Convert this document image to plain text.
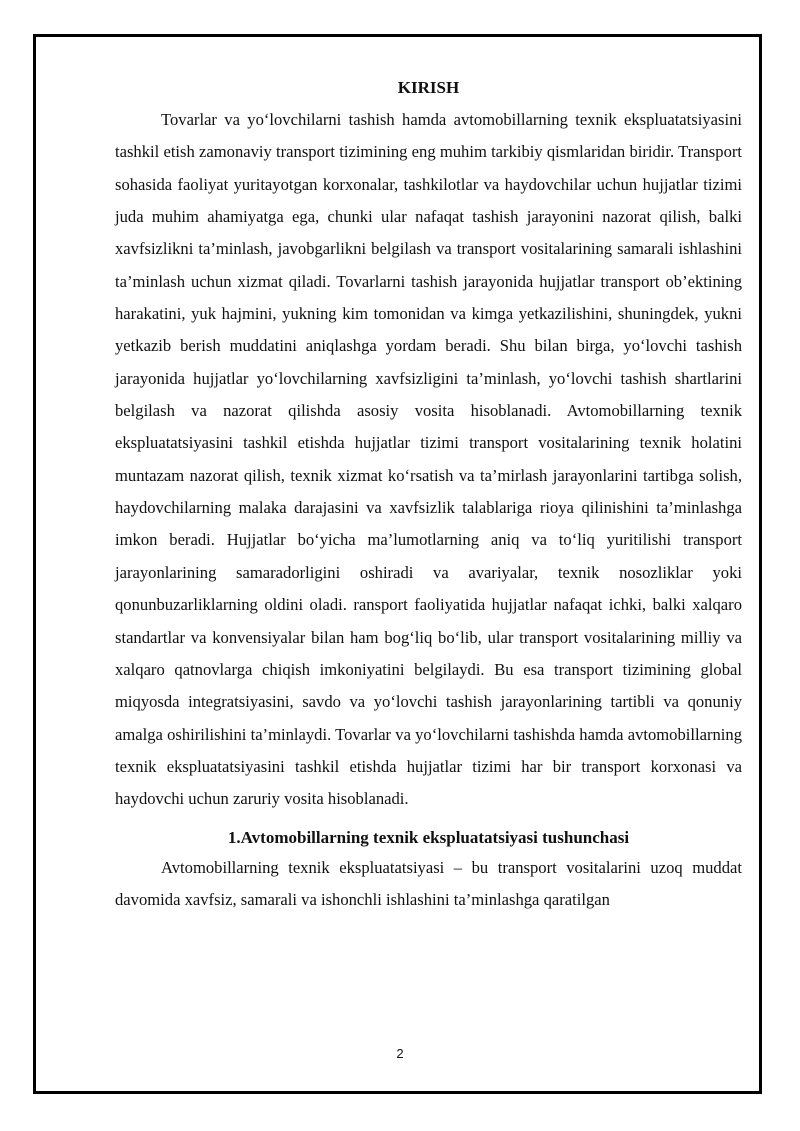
KIRISH

Tovarlar va yo‘lovchilarni tashish hamda avtomobillarning texnik ekspluatatsiyasini tashkil etish zamonaviy transport tizimining eng muhim tarkibiy qismlaridan biridir. Transport sohasida faoliyat yuritayotgan korxonalar, tashkilotlar va haydovchilar uchun hujjatlar tizimi juda muhim ahamiyatga ega, chunki ular nafaqat tashish jarayonini nazorat qilish, balki xavfsizlikni ta’minlash, javobgarlikni belgilash va transport vositalarining samarali ishlashini ta’minlash uchun xizmat qiladi. Tovarlarni tashish jarayonida hujjatlar transport ob’ektining harakatini, yuk hajmini, yukning kim tomonidan va kimga yetkazilishini, shuningdek, yukni yetkazib berish muddatini aniqlashga yordam beradi. Shu bilan birga, yo‘lovchi tashish jarayonida hujjatlar yo‘lovchilarning xavfsizligini ta’minlash, yo‘lovchi tashish shartlarini belgilash va nazorat qilishda asosiy vosita hisoblanadi. Avtomobillarning texnik ekspluatatsiyasini tashkil etishda hujjatlar tizimi transport vositalarining texnik holatini muntazam nazorat qilish, texnik xizmat ko‘rsatish va ta’mirlash jarayonlarini tartibga solish, haydovchilarning malaka darajasini va xavfsizlik talablariga rioya qilinishini ta’minlashga imkon beradi. Hujjatlar bo‘yicha ma’lumotlarning aniq va to‘liq yuritilishi transport jarayonlarining samaradorligini oshiradi va avariyalar, texnik nosozliklar yoki qonunbuzarliklarning oldini oladi. ransport faoliyatida hujjatlar nafaqat ichki, balki xalqaro standartlar va konvensiyalar bilan ham bog‘liq bo‘lib, ular transport vositalarining milliy va xalqaro qatnovlarga chiqish imkoniyatini belgilaydi. Bu esa transport tizimining global miqyosda integratsiyasini, savdo va yo‘lovchi tashish jarayonlarining tartibli va qonuniy amalga oshirilishini ta’minlaydi. Tovarlar va yo‘lovchilarni tashishda hamda avtomobillarning texnik ekspluatatsiyasini tashkil etishda hujjatlar tizimi har bir transport korxonasi va haydovchi uchun zaruriy vosita hisoblanadi.

1.Avtomobillarning texnik ekspluatatsiyasi tushunchasi

Avtomobillarning texnik ekspluatatsiyasi – bu transport vositalarini uzoq muddat davomida xavfsiz, samarali va ishonchli ishlashini ta’minlashga qaratilgan

2
